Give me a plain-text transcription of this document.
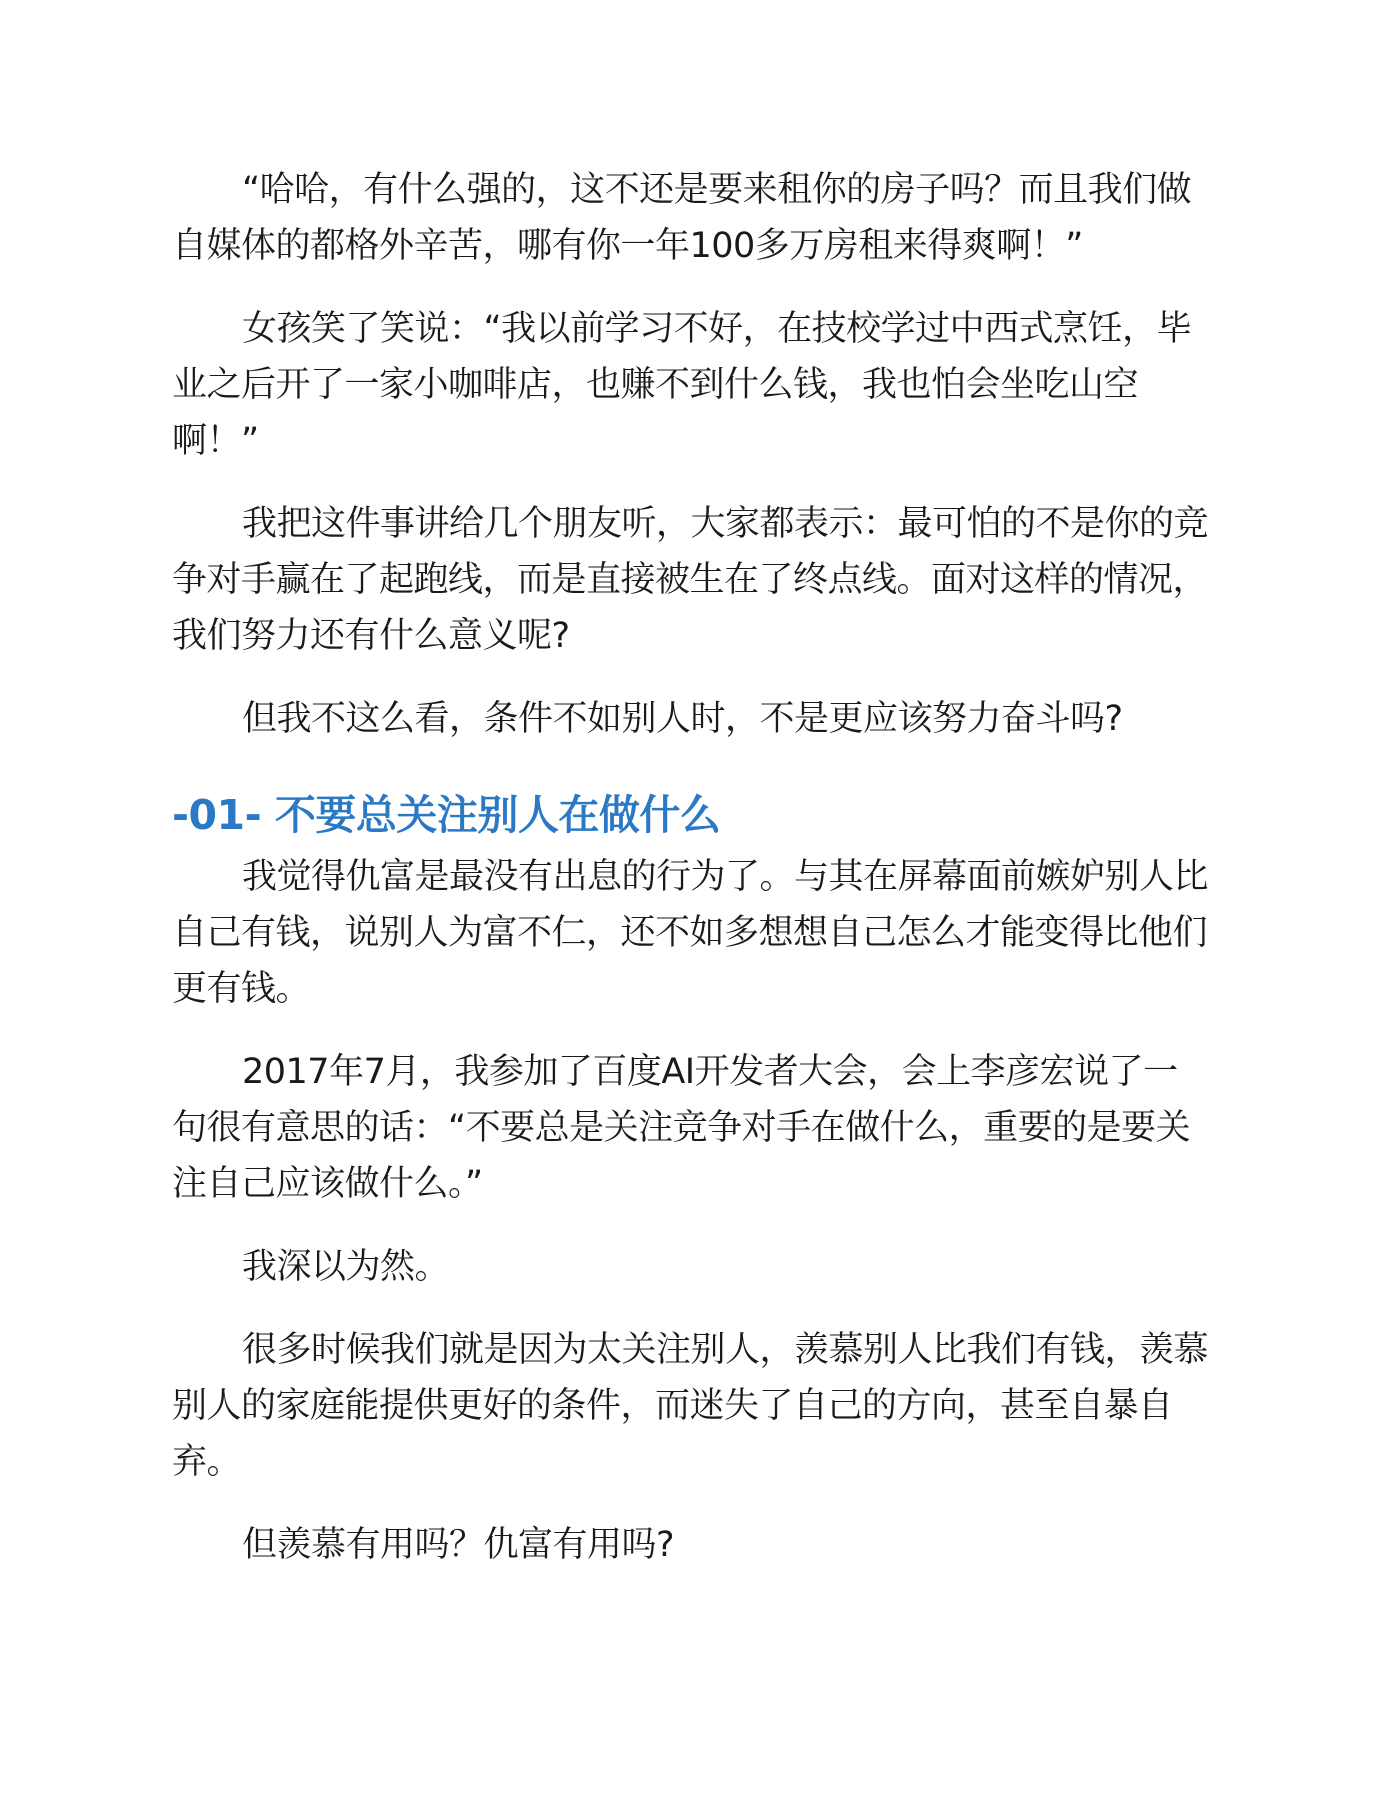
“哈哈，有什么强的，这不还是要来租你的房子吗？而且我们做自媒体的都格外辛苦，哪有你一年100多万房租来得爽啊！”

女孩笑了笑说：“我以前学习不好，在技校学过中西式烹饪，毕业之后开了一家小咖啡店，也赚不到什么钱，我也怕会坐吃山空啊！”

我把这件事讲给几个朋友听，大家都表示：最可怕的不是你的竞争对手赢在了起跑线，而是直接被生在了终点线。面对这样的情况，我们努力还有什么意义呢?

但我不这么看，条件不如别人时，不是更应该努力奋斗吗?

-01- 不要总关注别人在做什么

我觉得仇富是最没有出息的行为了。与其在屏幕面前嫉妒别人比自己有钱，说别人为富不仁，还不如多想想自己怎么才能变得比他们更有钱。

2017年7月，我参加了百度AI开发者大会，会上李彦宏说了一句很有意思的话：“不要总是关注竞争对手在做什么，重要的是要关注自己应该做什么。”

我深以为然。

很多时候我们就是因为太关注别人，羡慕别人比我们有钱，羡慕别人的家庭能提供更好的条件，而迷失了自己的方向，甚至自暴自弃。

但羡慕有用吗？仇富有用吗?
